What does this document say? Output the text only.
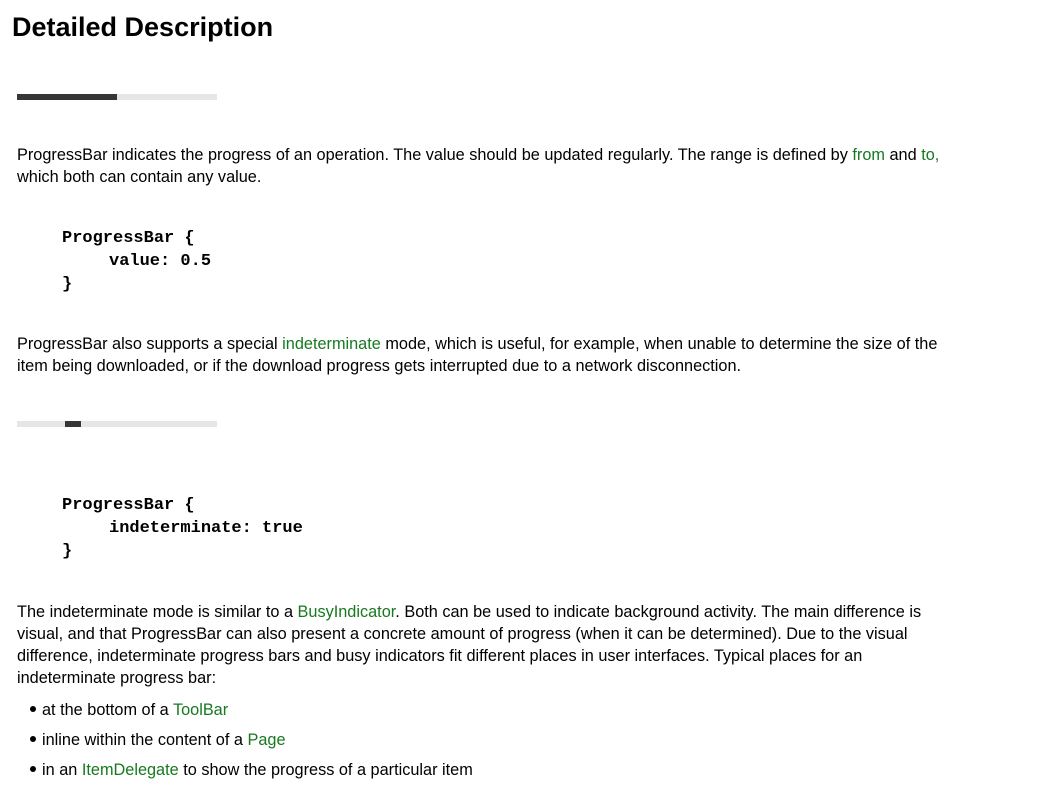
Detailed Description

ProgressBar indicates the progress of an operation. The value should be updated regularly. The range is defined by from and to,
which both can contain any value.

ProgressBar {
value: 0.5
}

ProgressBar also supports a special indeterminate mode, which is useful, for example, when unable to determine the size of the
item being downloaded, or if the download progress gets interrupted due to a network disconnection.

ProgressBar {
indeterminate: true
}

The indeterminate mode is similar to a BusyIndicator. Both can be used to indicate background activity. The main difference is
visual, and that ProgressBar can also present a concrete amount of progress (when it can be determined). Due to the visual
difference, indeterminate progress bars and busy indicators fit different places in user interfaces. Typical places for an
indeterminate progress bar:

at the bottom of a ToolBar
inline within the content of a Page
in an ItemDelegate to show the progress of a particular item
